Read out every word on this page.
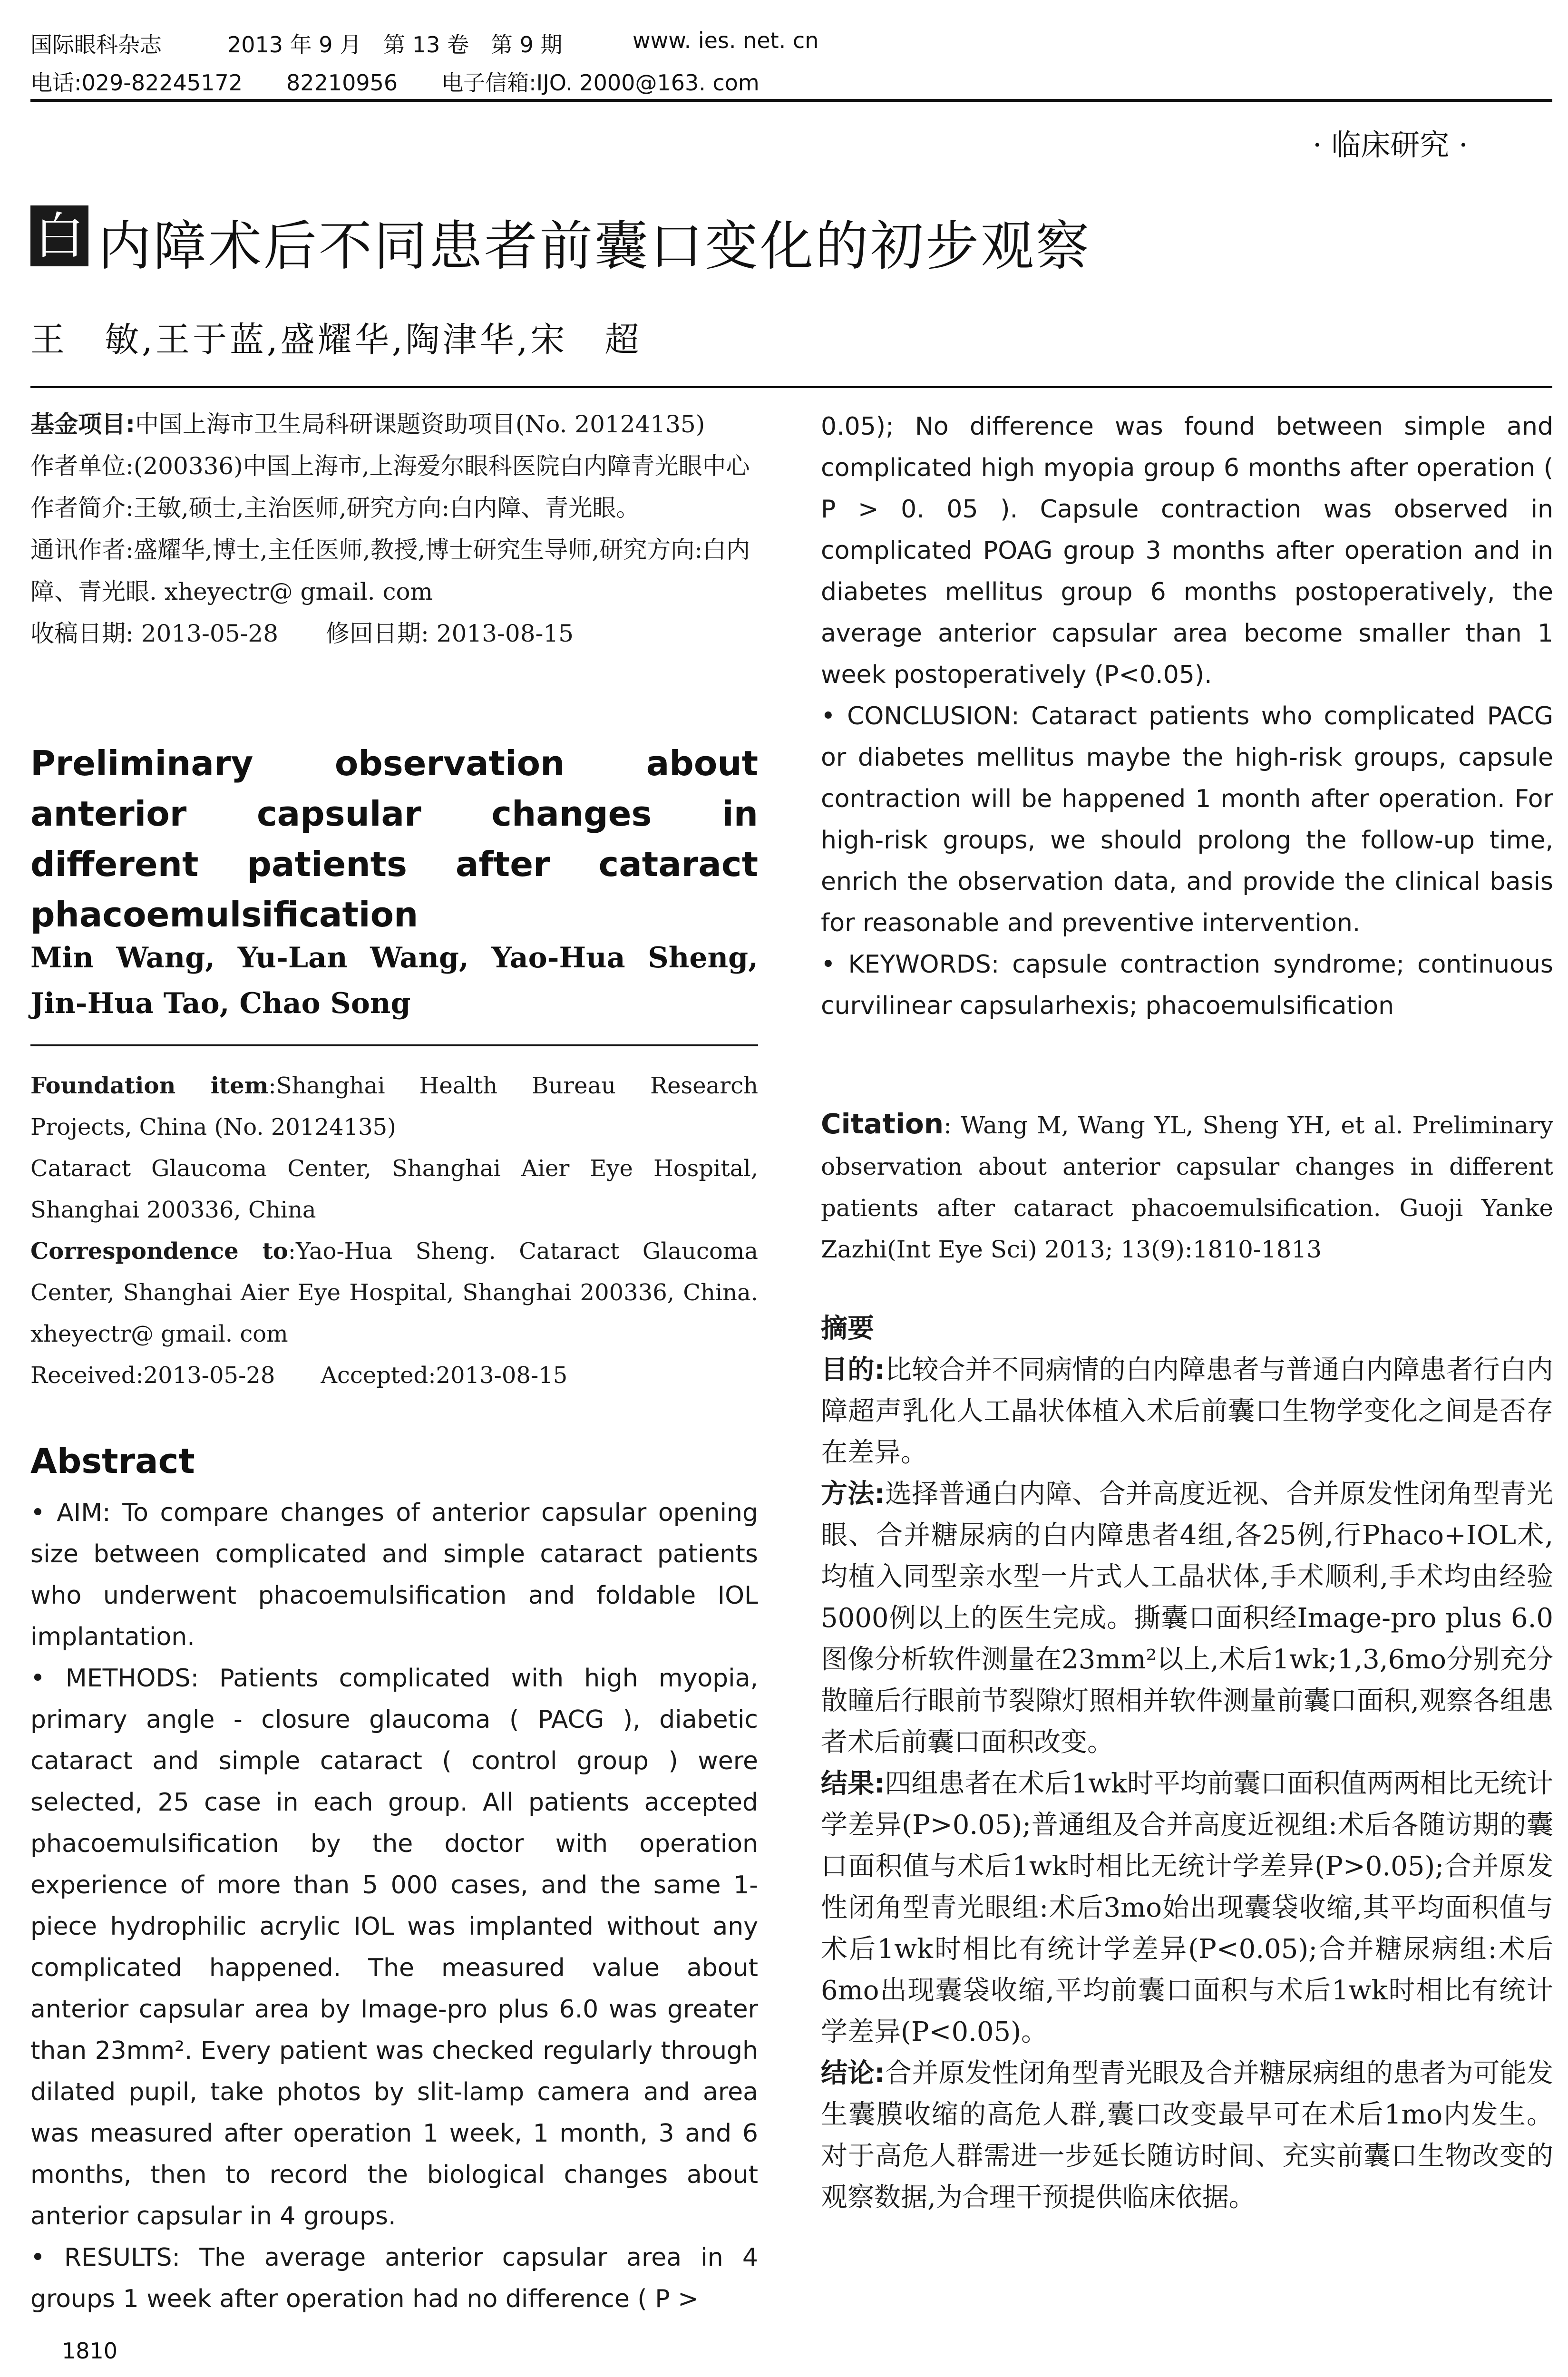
国际眼科杂志	2013 年 9 月　第 13 卷　第 9 期	www. ies. net. cn
电话:029-82245172　　82210956　　电子信箱:IJO. 2000@163. com
· 临床研究 ·
白 内障术后不同患者前囊口变化的初步观察
王　敏,王于蓝,盛耀华,陶津华,宋　超
基金项目:中国上海市卫生局科研课题资助项目(No. 20124135)
作者单位:(200336)中国上海市,上海爱尔眼科医院白内障青光眼中心
作者简介:王敏,硕士,主治医师,研究方向:白内障、青光眼。
通讯作者:盛耀华,博士,主任医师,教授,博士研究生导师,研究方向:白内障、青光眼. xheyectr@ gmail. com
收稿日期: 2013-05-28　　修回日期: 2013-08-15
Preliminary observation about anterior capsular changes in different patients after cataract phacoemulsification
Min Wang, Yu-Lan Wang, Yao-Hua Sheng, Jin-Hua Tao, Chao Song
Foundation item:Shanghai Health Bureau Research Projects, China (No. 20124135)
Cataract Glaucoma Center, Shanghai Aier Eye Hospital, Shanghai 200336, China
Correspondence to:Yao-Hua Sheng. Cataract Glaucoma Center, Shanghai Aier Eye Hospital, Shanghai 200336, China. xheyectr@ gmail. com
Received:2013-05-28　　Accepted:2013-08-15
Abstract

• AIM: To compare changes of anterior capsular opening size between complicated and simple cataract patients who underwent phacoemulsification and foldable IOL implantation.

• METHODS: Patients complicated with high myopia, primary angle - closure glaucoma ( PACG ), diabetic cataract and simple cataract ( control group ) were selected, 25 case in each group. All patients accepted phacoemulsification by the doctor with operation experience of more than 5 000 cases, and the same 1-piece hydrophilic acrylic IOL was implanted without any complicated happened. The measured value about anterior capsular area by Image-pro plus 6.0 was greater than 23mm². Every patient was checked regularly through dilated pupil, take photos by slit-lamp camera and area was measured after operation 1 week, 1 month, 3 and 6 months, then to record the biological changes about anterior capsular in 4 groups.

• RESULTS: The average anterior capsular area in 4 groups 1 week after operation had no difference ( P >

1810

0.05); No difference was found between simple and complicated high myopia group 6 months after operation ( P > 0. 05 ). Capsule contraction was observed in complicated POAG group 3 months after operation and in diabetes mellitus group 6 months postoperatively, the average anterior capsular area become smaller than 1 week postoperatively (P<0.05).

• CONCLUSION: Cataract patients who complicated PACG or diabetes mellitus maybe the high-risk groups, capsule contraction will be happened 1 month after operation. For high-risk groups, we should prolong the follow-up time, enrich the observation data, and provide the clinical basis for reasonable and preventive intervention.

• KEYWORDS: capsule contraction syndrome; continuous curvilinear capsularhexis; phacoemulsification

Citation: Wang M, Wang YL, Sheng YH, et al. Preliminary observation about anterior capsular changes in different patients after cataract phacoemulsification. Guoji Yanke Zazhi(Int Eye Sci) 2013; 13(9):1810-1813

摘要

目的:比较合并不同病情的白内障患者与普通白内障患者行白内障超声乳化人工晶状体植入术后前囊口生物学变化之间是否存在差异。

方法:选择普通白内障、合并高度近视、合并原发性闭角型青光眼、合并糖尿病的白内障患者4组,各25例,行Phaco+IOL术,均植入同型亲水型一片式人工晶状体,手术顺利,手术均由经验5000例以上的医生完成。撕囊口面积经Image-pro plus 6.0图像分析软件测量在23mm²以上,术后1wk;1,3,6mo分别充分散瞳后行眼前节裂隙灯照相并软件测量前囊口面积,观察各组患者术后前囊口面积改变。

结果:四组患者在术后1wk时平均前囊口面积值两两相比无统计学差异(P>0.05);普通组及合并高度近视组:术后各随访期的囊口面积值与术后1wk时相比无统计学差异(P>0.05);合并原发性闭角型青光眼组:术后3mo始出现囊袋收缩,其平均面积值与术后1wk时相比有统计学差异(P<0.05);合并糖尿病组:术后6mo出现囊袋收缩,平均前囊口面积与术后1wk时相比有统计学差异(P<0.05)。

结论:合并原发性闭角型青光眼及合并糖尿病组的患者为可能发生囊膜收缩的高危人群,囊口改变最早可在术后1mo内发生。对于高危人群需进一步延长随访时间、充实前囊口生物改变的观察数据,为合理干预提供临床依据。
